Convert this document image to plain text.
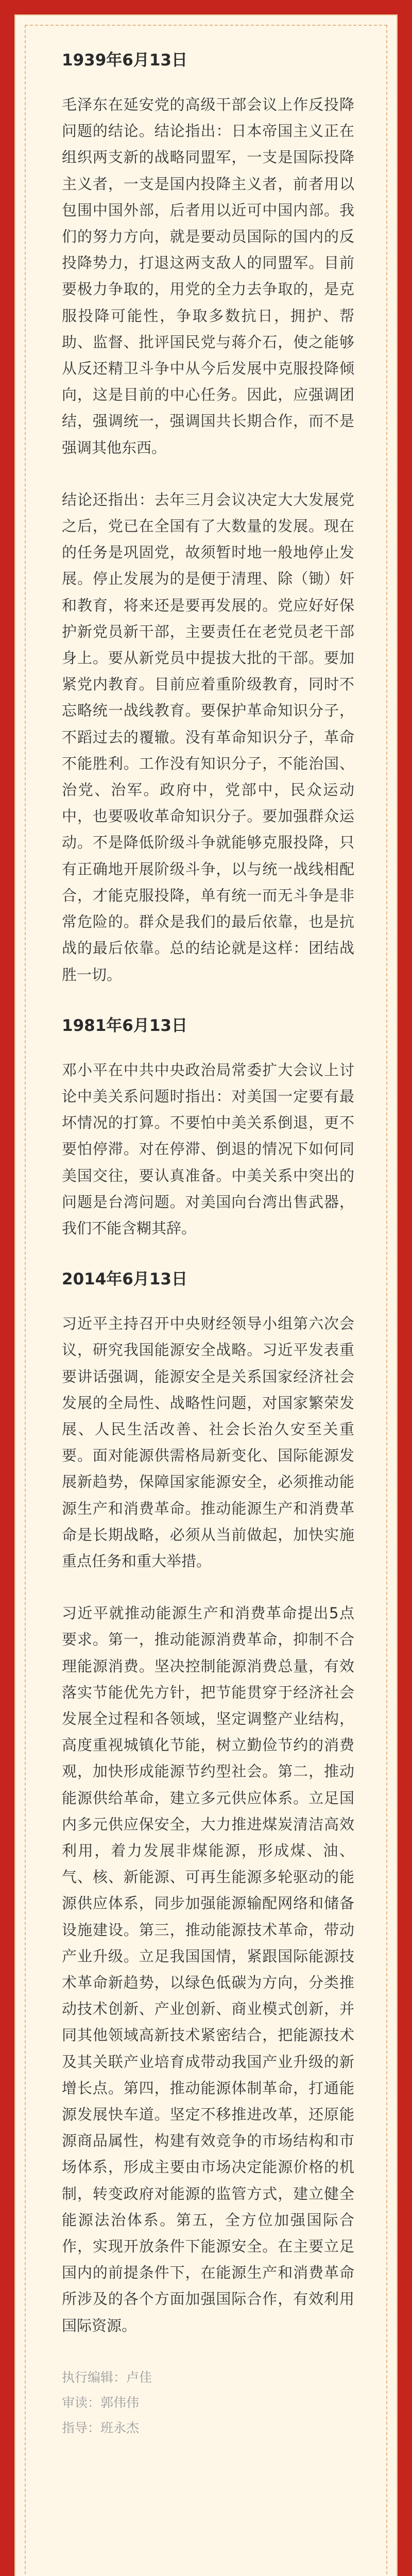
1939年6月13日

毛泽东在延安党的高级干部会议上作反投降问题的结论。结论指出：日本帝国主义正在组织两支新的战略同盟军，一支是国际投降主义者，一支是国内投降主义者，前者用以包围中国外部，后者用以近可中国内部。我们的努力方向，就是要动员国际的国内的反投降势力，打退这两支敌人的同盟军。目前要极力争取的，用党的全力去争取的，是克服投降可能性，争取多数抗日，拥护、帮助、监督、批评国民党与蒋介石，使之能够从反还精卫斗争中从今后发展中克服投降倾向，这是目前的中心任务。因此，应强调团结，强调统一，强调国共长期合作，而不是强调其他东西。

结论还指出：去年三月会议决定大大发展党之后，党已在全国有了大数量的发展。现在的任务是巩固党，故须暂时地一般地停止发展。停止发展为的是便于清理、除（锄）奸和教育，将来还是要再发展的。党应好好保护新党员新干部，主要责任在老党员老干部身上。要从新党员中提拔大批的干部。要加紧党内教育。目前应着重阶级教育，同时不忘略统一战线教育。要保护革命知识分子，不蹈过去的覆辙。没有革命知识分子，革命不能胜利。工作没有知识分子，不能治国、治党、治军。政府中，党部中，民众运动中，也要吸收革命知识分子。要加强群众运动。不是降低阶级斗争就能够克服投降，只有正确地开展阶级斗争，以与统一战线相配合，才能克服投降，单有统一而无斗争是非常危险的。群众是我们的最后依靠，也是抗战的最后依靠。总的结论就是这样：团结战胜一切。

1981年6月13日

邓小平在中共中央政治局常委扩大会议上讨论中美关系问题时指出：对美国一定要有最坏情况的打算。不要怕中美关系倒退，更不要怕停滞。对在停滞、倒退的情况下如何同美国交往，要认真准备。中美关系中突出的问题是台湾问题。对美国向台湾出售武器，我们不能含糊其辞。

2014年6月13日

习近平主持召开中央财经领导小组第六次会议，研究我国能源安全战略。习近平发表重要讲话强调，能源安全是关系国家经济社会发展的全局性、战略性问题，对国家繁荣发展、人民生活改善、社会长治久安至关重要。面对能源供需格局新变化、国际能源发展新趋势，保障国家能源安全，必须推动能源生产和消费革命。推动能源生产和消费革命是长期战略，必须从当前做起，加快实施重点任务和重大举措。

习近平就推动能源生产和消费革命提出5点要求。第一，推动能源消费革命，抑制不合理能源消费。坚决控制能源消费总量，有效落实节能优先方针，把节能贯穿于经济社会发展全过程和各领域，坚定调整产业结构，高度重视城镇化节能，树立勤俭节约的消费观，加快形成能源节约型社会。第二，推动能源供给革命，建立多元供应体系。立足国内多元供应保安全，大力推进煤炭清洁高效利用，着力发展非煤能源，形成煤、油、气、核、新能源、可再生能源多轮驱动的能源供应体系，同步加强能源输配网络和储备设施建设。第三，推动能源技术革命，带动产业升级。立足我国国情，紧跟国际能源技术革命新趋势，以绿色低碳为方向，分类推动技术创新、产业创新、商业模式创新，并同其他领域高新技术紧密结合，把能源技术及其关联产业培育成带动我国产业升级的新增长点。第四，推动能源体制革命，打通能源发展快车道。坚定不移推进改革，还原能源商品属性，构建有效竞争的市场结构和市场体系，形成主要由市场决定能源价格的机制，转变政府对能源的监管方式，建立健全能源法治体系。第五，全方位加强国际合作，实现开放条件下能源安全。在主要立足国内的前提条件下，在能源生产和消费革命所涉及的各个方面加强国际合作，有效利用国际资源。

执行编辑：卢佳
审读：郭伟伟
指导：班永杰
